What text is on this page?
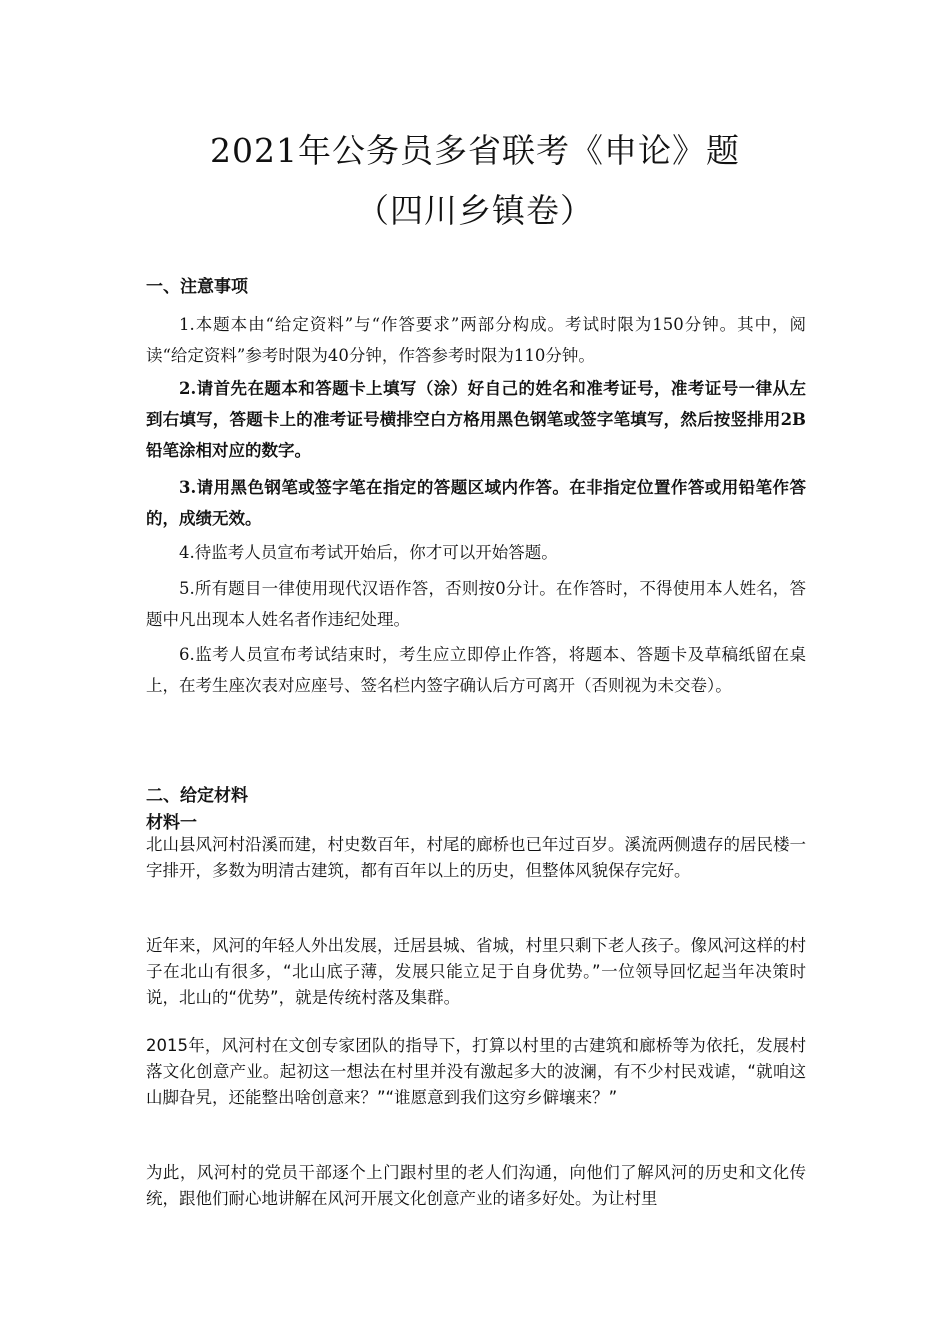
2021年公务员多省联考《申论》题
（四川乡镇卷）
一、注意事项

1.本题本由“给定资料”与“作答要求”两部分构成。考试时限为150分钟。其中，阅读“给定资料”参考时限为40分钟，作答参考时限为110分钟。

2.请首先在题本和答题卡上填写（涂）好自己的姓名和准考证号，准考证号一律从左到右填写，答题卡上的准考证号横排空白方格用黑色钢笔或签字笔填写，然后按竖排用2B铅笔涂相对应的数字。

3.请用黑色钢笔或签字笔在指定的答题区域内作答。在非指定位置作答或用铅笔作答的，成绩无效。

4.待监考人员宣布考试开始后，你才可以开始答题。

5.所有题目一律使用现代汉语作答，否则按0分计。在作答时，不得使用本人姓名，答题中凡出现本人姓名者作违纪处理。

6.监考人员宣布考试结束时，考生应立即停止作答，将题本、答题卡及草稿纸留在桌上，在考生座次表对应座号、签名栏内签字确认后方可离开（否则视为未交卷）。

二、给定材料
材料一

北山县风河村沿溪而建，村史数百年，村尾的廊桥也已年过百岁。溪流两侧遗存的居民楼一字排开，多数为明清古建筑，都有百年以上的历史，但整体风貌保存完好。

近年来，风河的年轻人外出发展，迁居县城、省城，村里只剩下老人孩子。像风河这样的村子在北山有很多，“北山底子薄，发展只能立足于自身优势。”一位领导回忆起当年决策时说，北山的“优势”，就是传统村落及集群。

2015年，风河村在文创专家团队的指导下，打算以村里的古建筑和廊桥等为依托，发展村落文化创意产业。起初这一想法在村里并没有激起多大的波澜，有不少村民戏谑，“就咱这山脚旮旯，还能整出啥创意来？”“谁愿意到我们这穷乡僻壤来？”

为此，风河村的党员干部逐个上门跟村里的老人们沟通，向他们了解风河的历史和文化传统，跟他们耐心地讲解在风河开展文化创意产业的诸多好处。为让村里
